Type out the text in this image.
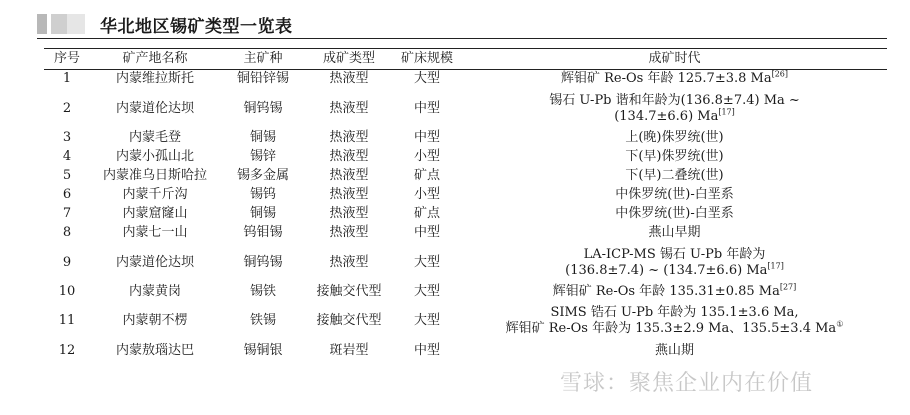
华北地区锡矿类型一览表
序号	矿产地名称	主矿种	成矿类型	矿床规模	成矿时代
1	内蒙维拉斯托	铜铅锌锡	热液型	大型	辉钼矿 Re-Os 年龄 125.7±3.8 Ma[26]

2	内蒙道伦达坝	铜钨锡	热液型	中型	锡石 U-Pb 谐和年龄为(136.8±7.4) Ma ~
(134.7±6.6) Ma[17]

3	内蒙毛登	铜锡	热液型	中型	上(晚)侏罗统(世)

4	内蒙小孤山北	锡锌	热液型	小型	下(早)侏罗统(世)

5	内蒙准乌日斯哈拉	锡多金属	热液型	矿点	下(早)二叠统(世)

6	内蒙千斤沟	锡钨	热液型	小型	中侏罗统(世)-白垩系

7	内蒙窟窿山	铜锡	热液型	矿点	中侏罗统(世)-白垩系

8	内蒙七一山	钨钼锡	热液型	中型	燕山早期

9	内蒙道伦达坝	铜钨锡	热液型	大型	LA-ICP-MS 锡石 U-Pb 年龄为
(136.8±7.4) ~ (134.7±6.6) Ma[17]

10	内蒙黄岗	锡铁	接触交代型	大型	辉钼矿 Re-Os 年龄 135.31±0.85 Ma[27]

11	内蒙朝不楞	铁锡	接触交代型	大型	SIMS 锆石 U-Pb 年龄为 135.1±3.6 Ma,
辉钼矿 Re-Os 年龄为 135.3±2.9 Ma、135.5±3.4 Ma①

12	内蒙敖瑙达巴	锡铜银	斑岩型	中型	燕山期
雪球：聚焦企业内在价值
